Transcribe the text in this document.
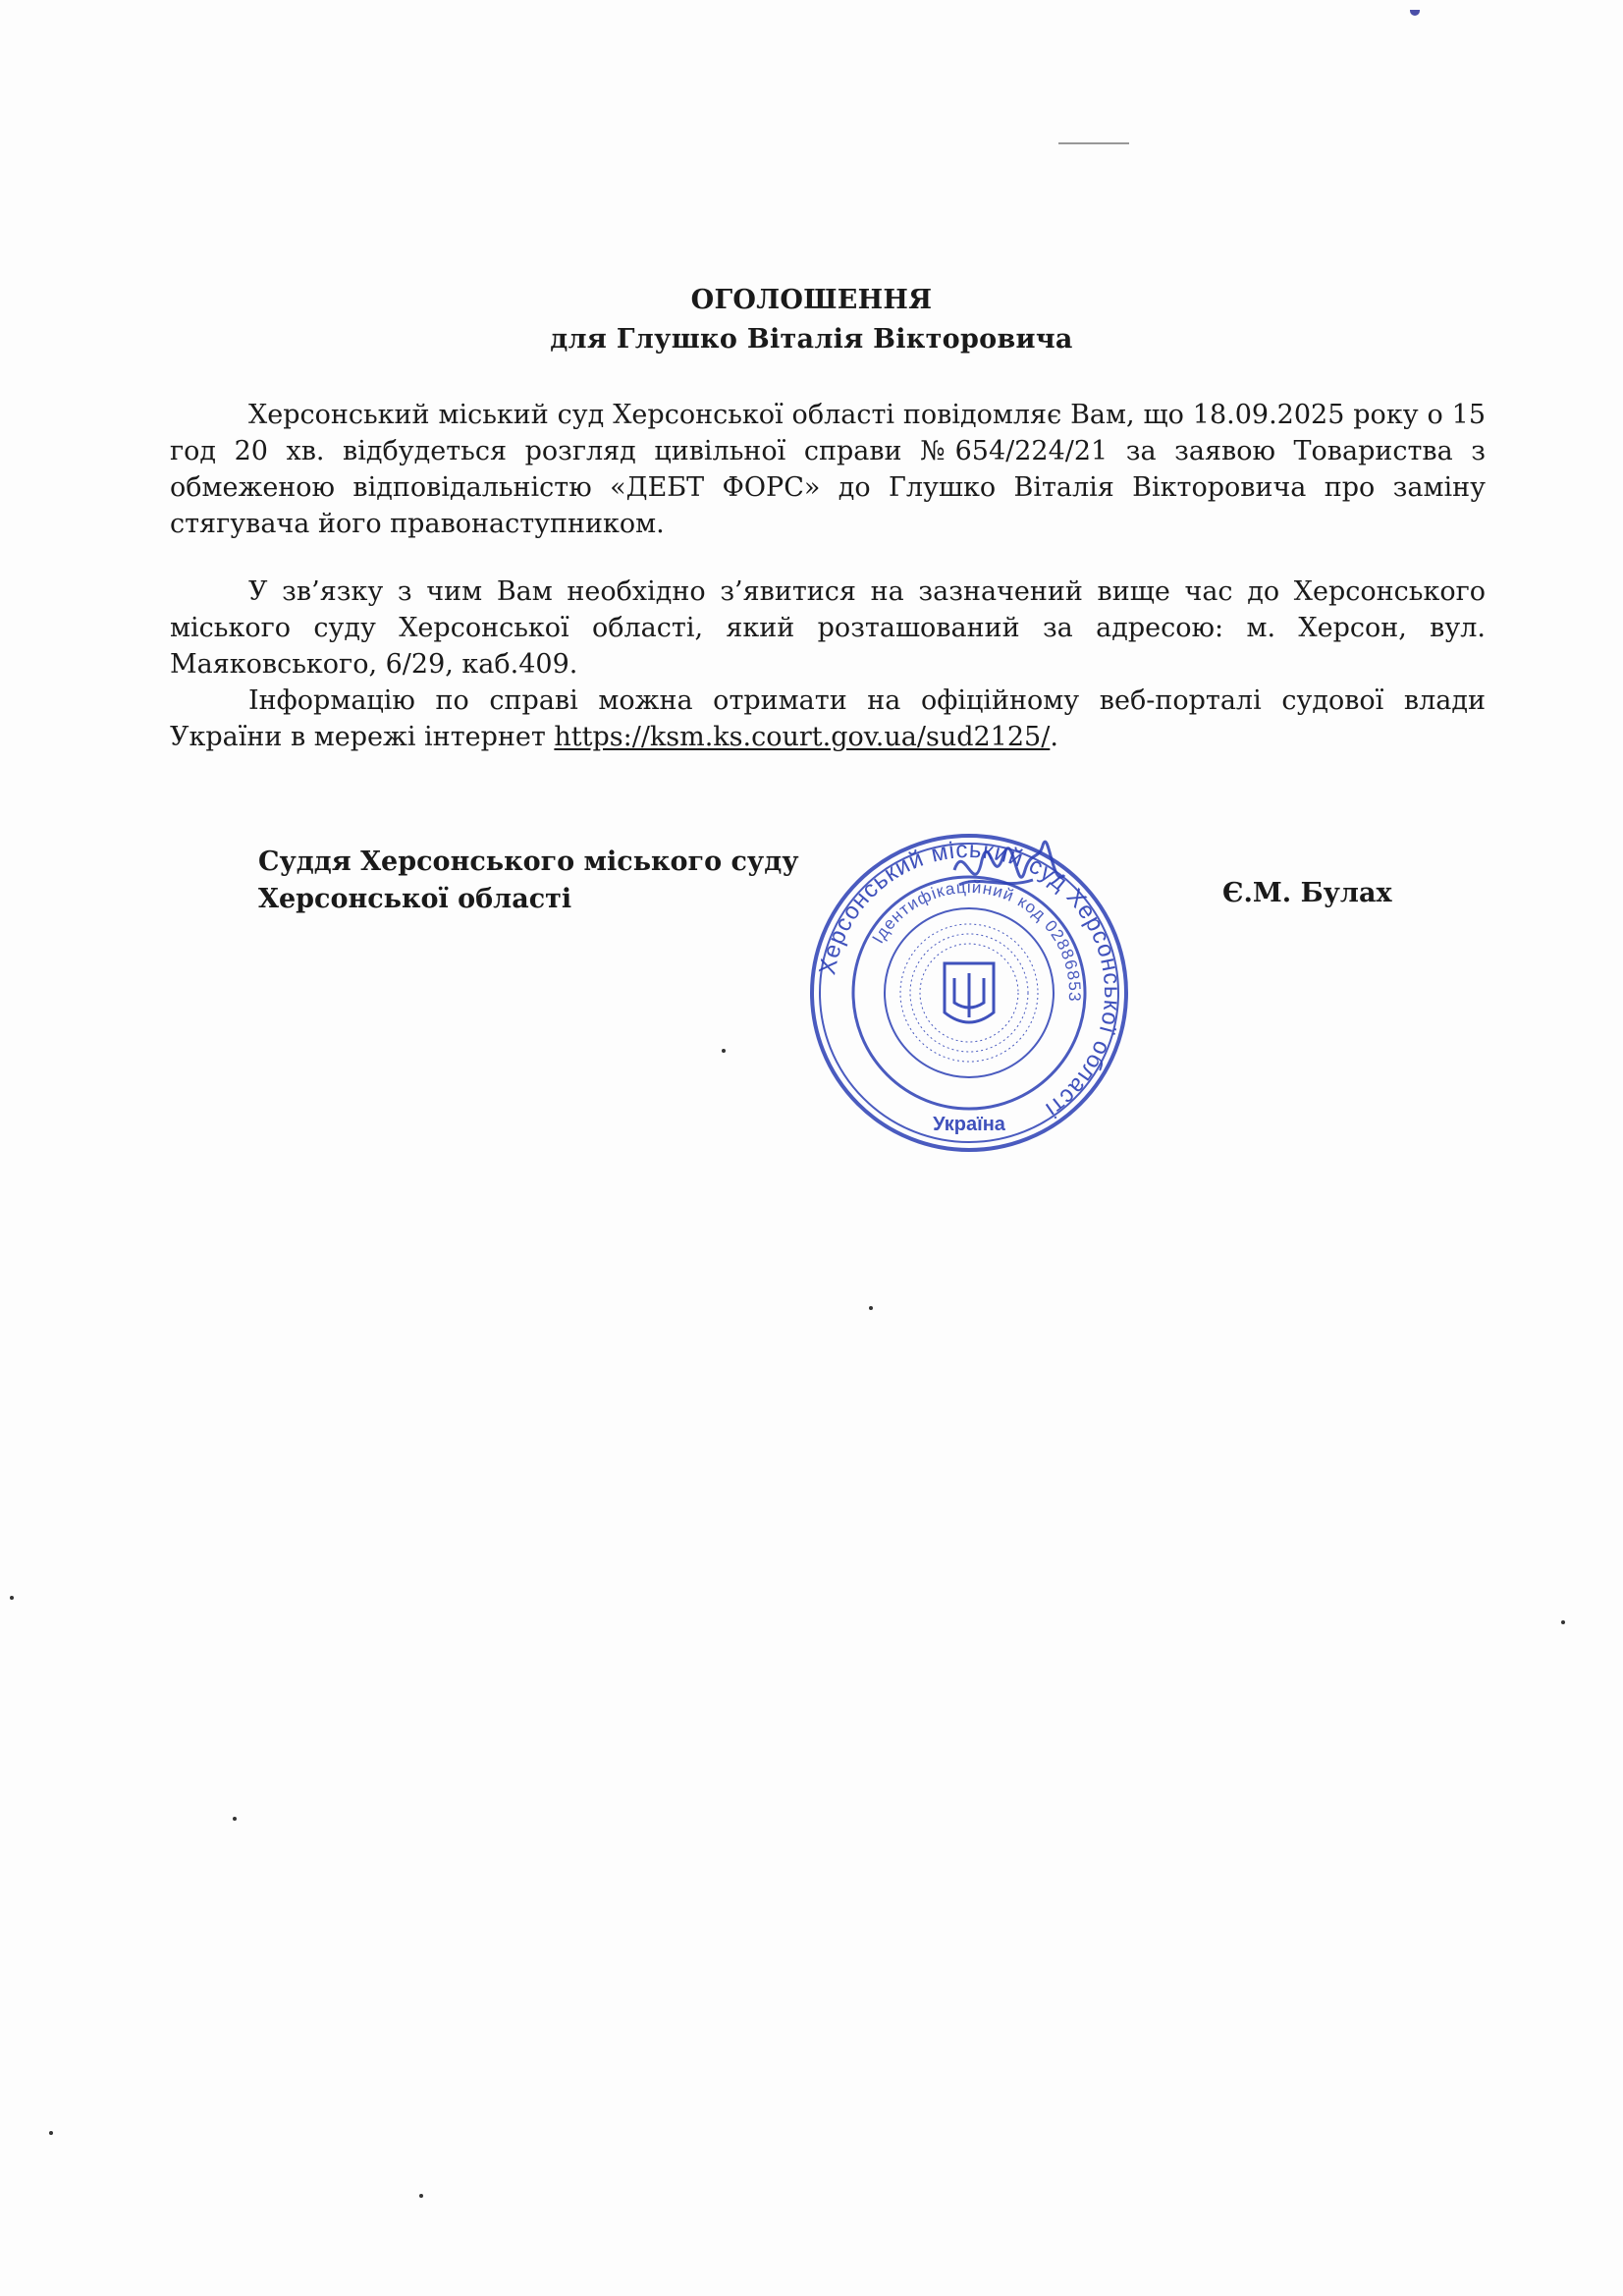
ОГОЛОШЕННЯ
для Глушко Віталія Вікторовича

Херсонський міський суд Херсонської області повідомляє Вам, що 18.09.2025 року о 15 год 20 хв. відбудеться розгляд цивільної справи №654/224/21 за заявою Товариства з обмеженою відповідальністю «ДЕБТ ФОРС» до Глушко Віталія Вікторовича про заміну стягувача його правонаступником.

У зв’язку з чим Вам необхідно з’явитися на зазначений вище час до Херсонського міського суду Херсонської області, який розташований за адресою: м. Херсон, вул. Маяковського, 6/29, каб.409.

Інформацію по справі можна отримати на офіційному веб-порталі судової влади України в мережі інтернет https://ksm.ks.court.gov.ua/sud2125/.

Суддя Херсонського міського суду
Херсонської області	Є.М. Булах
Херсонський міський суд Херсонської області
Ідентифікаційний код 02886853
Україна
